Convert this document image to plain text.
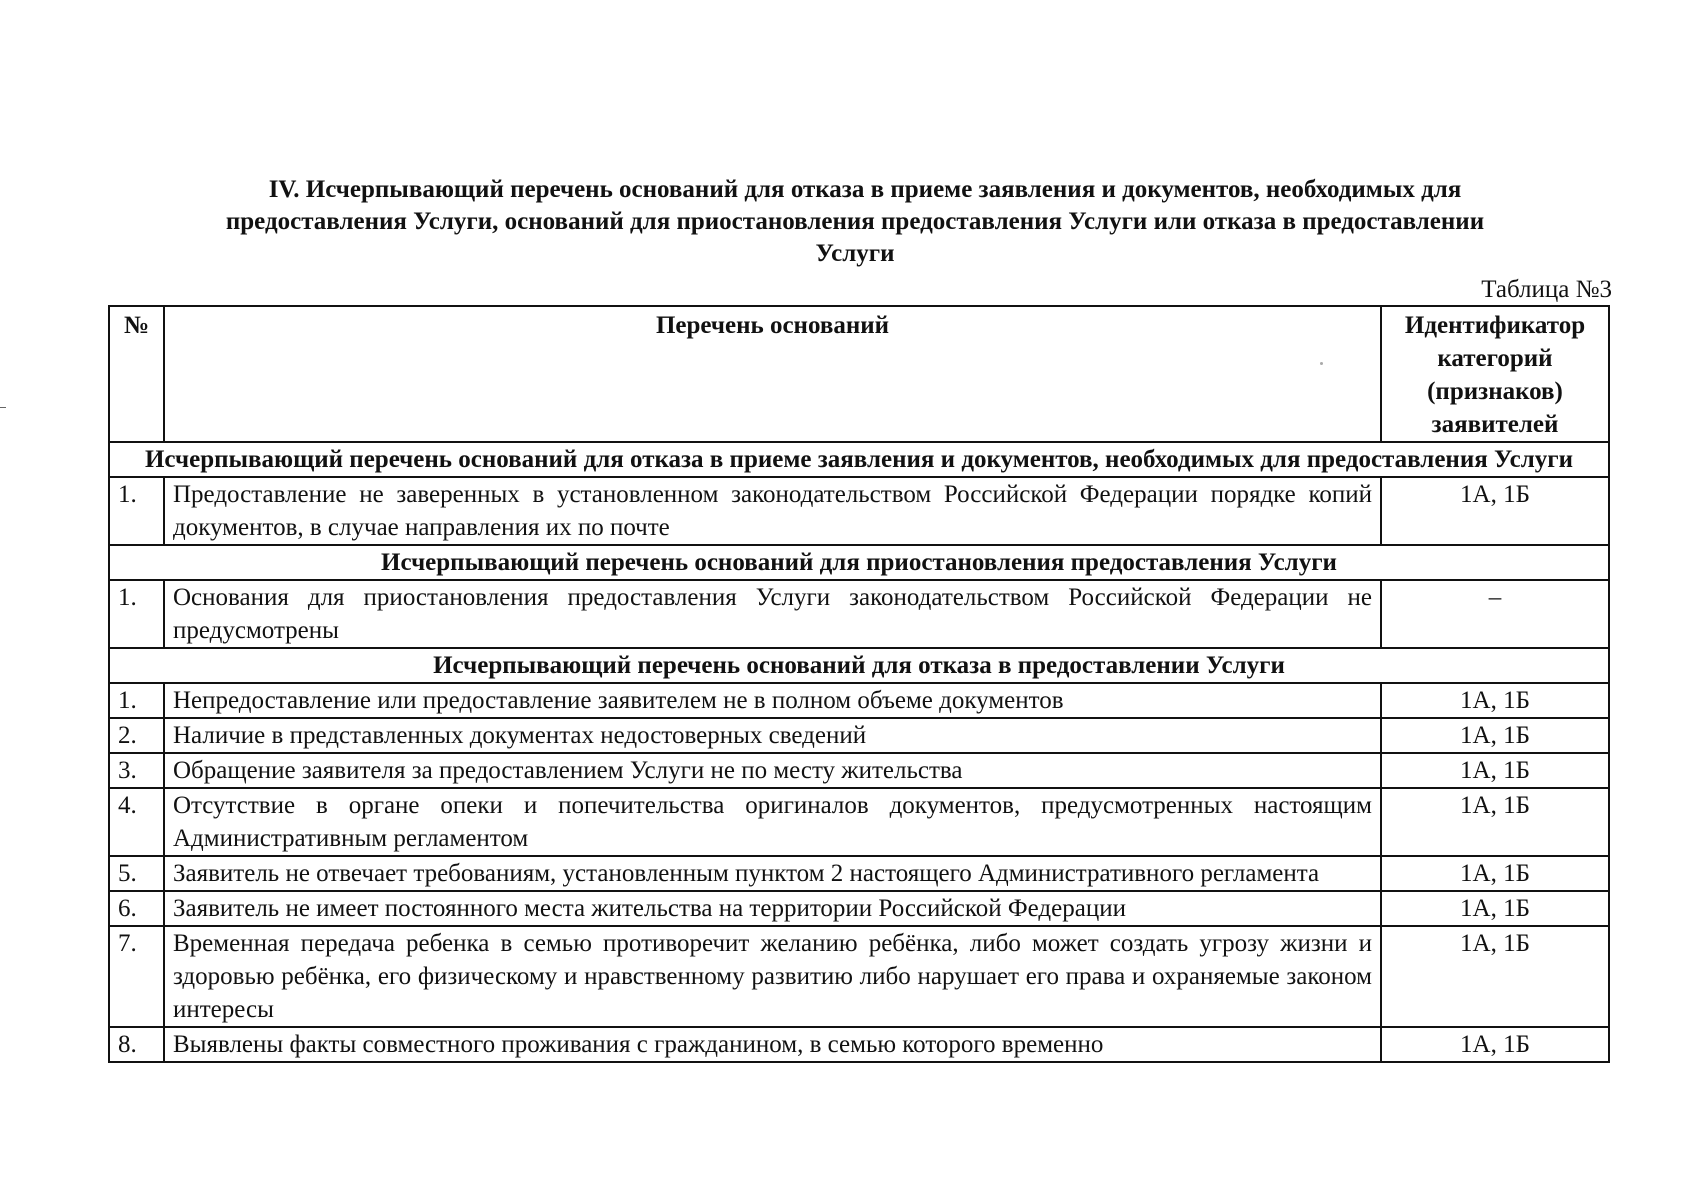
IV. Исчерпывающий перечень оснований для отказа в приеме заявления и документов, необходимых для
предоставления Услуги, оснований для приостановления предоставления Услуги или отказа в предоставлении
Услуги
Таблица №3
№	Перечень оснований	Идентификатор категорий (признаков) заявителей
Исчерпывающий перечень оснований для отказа в приеме заявления и документов, необходимых для предоставления Услуги		
1.	Предоставление не заверенных в установленном законодательством Российской Федерации порядке копий документов, в случае направления их по почте	1А, 1Б
Исчерпывающий перечень оснований для приостановления предоставления Услуги		
1.	Основания для приостановления предоставления Услуги законодательством Российской Федерации не предусмотрены	–
Исчерпывающий перечень оснований для отказа в предоставлении Услуги		
1.	Непредоставление или предоставление заявителем не в полном объеме документов	1А, 1Б
2.	Наличие в представленных документах недостоверных сведений	1А, 1Б
3.	Обращение заявителя за предоставлением Услуги не по месту жительства	1А, 1Б
4.	Отсутствие в органе опеки и попечительства оригиналов документов, предусмотренных настоящим Административным регламентом	1А, 1Б
5.	Заявитель не отвечает требованиям, установленным пунктом 2 настоящего Административного регламента	1А, 1Б
6.	Заявитель не имеет постоянного места жительства на территории Российской Федерации	1А, 1Б
7.	Временная передача ребенка в семью противоречит желанию ребёнка, либо может создать угрозу жизни и здоровью ребёнка, его физическому и нравственному развитию либо нарушает его права и охраняемые законом интересы	1А, 1Б
8.	Выявлены факты совместного проживания с гражданином, в семью которого временно	1А, 1Б
